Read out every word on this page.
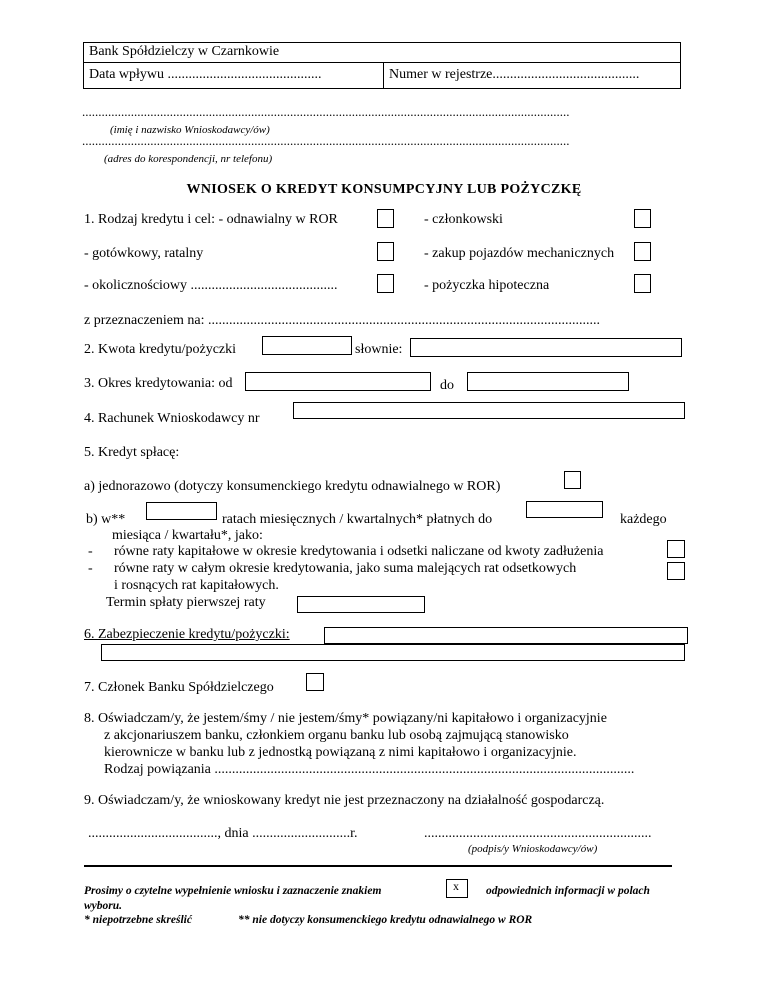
Bank Spółdzielczy w Czarnkowie
Data wpływu ............................................	Numer w rejestrze..........................................
......................................................................................................................................................
(imię i nazwisko Wnioskodawcy/ów)
......................................................................................................................................................
(adres do korespondencji, nr telefonu)
WNIOSEK O KREDYT KONSUMPCYJNY LUB POŻYCZKĘ
1. Rodzaj kredytu i cel: - odnawialny w ROR	- członkowski
- gotówkowy, ratalny	- zakup pojazdów mechanicznych
- okolicznościowy ..........................................	- pożyczka hipoteczna
z przeznaczeniem na: ................................................................................................................
2. Kwota kredytu/pożyczki	słownie:
3. Okres kredytowania: od	do
4. Rachunek Wnioskodawcy nr
5. Kredyt spłacę:
a) jednorazowo (dotyczy konsumenckiego kredytu odnawialnego w ROR)
b) w**	ratach miesięcznych / kwartalnych* płatnych do	każdego
miesiąca / kwartału*, jako:
- równe raty kapitałowe w okresie kredytowania i odsetki naliczane od kwoty zadłużenia
- równe raty w całym okresie kredytowania, jako suma malejących rat odsetkowych
i rosnących rat kapitałowych.
Termin spłaty pierwszej raty
6. Zabezpieczenie kredytu/pożyczki:
7. Członek Banku Spółdzielczego
8. Oświadczam/y, że jestem/śmy / nie jestem/śmy* powiązany/ni kapitałowo i organizacyjnie
z akcjonariuszem banku, członkiem organu banku lub osobą zajmującą stanowisko
kierownicze w banku lub z jednostką powiązaną z nimi kapitałowo i organizacyjnie.
Rodzaj powiązania ........................................................................................................................
9. Oświadczam/y, że wnioskowany kredyt nie jest przeznaczony na działalność gospodarczą.
....................................., dnia ............................r.	.................................................................
(podpis/y Wnioskodawcy/ów)
Prosimy o czytelne wypełnienie wniosku i zaznaczenie znakiem	x odpowiednich informacji w polach
wyboru.
* niepotrzebne skreślić	** nie dotyczy konsumenckiego kredytu odnawialnego w ROR
